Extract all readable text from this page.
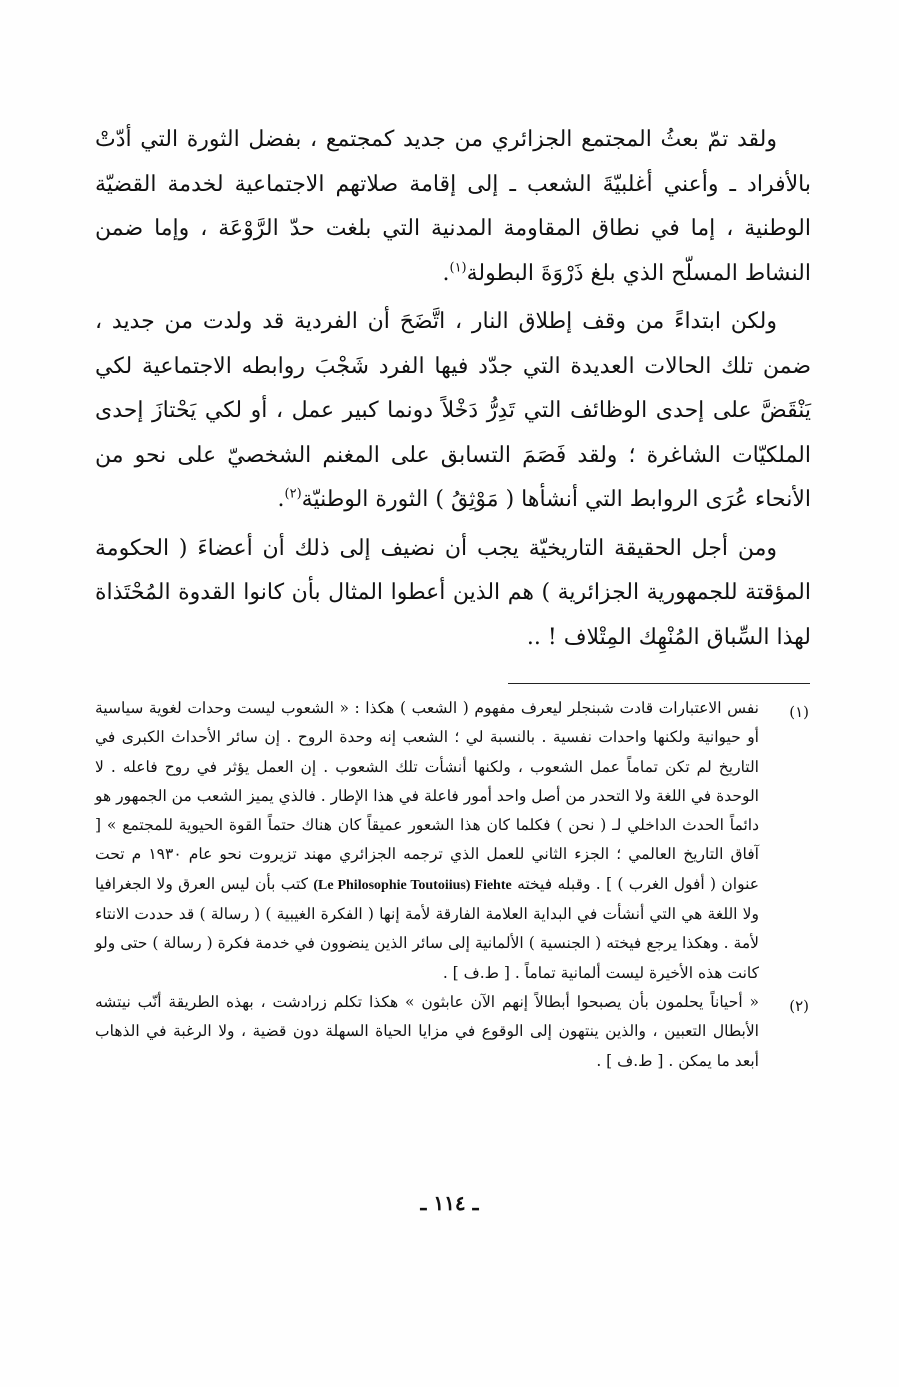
ولقد تمّ بعثُ المجتمع الجزائري من جديد كمجتمع ، بفضل الثورة التي أدّتْ بالأفراد ـ وأعني أغلبيّةَ الشعب ـ إلى إقامة صلاتهم الاجتماعية لخدمة القضيّة الوطنية ، إما في نطاق المقاومة المدنية التي بلغت حدّ الرَّوْعَة ، وإما ضمن النشاط المسلّح الذي بلغ ذَرْوَةَ البطولة$^{(١)}$.

ولكن ابتداءً من وقف إطلاق النار ، اتَّضَحَ أن الفردية قد ولدت من جديد ، ضمن تلك الحالات العديدة التي جدّد فيها الفرد شَجْبَ روابطه الاجتماعية لكي يَنْقَضَّ على إحدى الوظائف التي تَدِرُّ دَخْلاً دونما كبير عمل ، أو لكي يَحْتازَ إحدى الملكيّات الشاغرة ؛ ولقد فَصَمَ التسابق على المغنم الشخصيّ على نحو من الأنحاء عُرَى الروابط التي أنشأها ( مَوْثِقُ ) الثورة الوطنيّة$^{(٢)}$.

ومن أجل الحقيقة التاريخيّة يجب أن نضيف إلى ذلك أن أعضاءَ ( الحكومة المؤقتة للجمهورية الجزائرية ) هم الذين أعطوا المثال بأن كانوا القدوة المُحْتَذاة لهذا السِّباق المُنْهِك المِتْلاف ! ..

(١)
نفس الاعتبارات قادت شبنجلر ليعرف مفهوم ( الشعب ) هكذا : « الشعوب ليست وحدات لغوية سياسية أو حيوانية ولكنها واحدات نفسية . بالنسبة لي ؛ الشعب إنه وحدة الروح . إن سائر الأحداث الكبرى في التاريخ لم تكن تماماً عمل الشعوب ، ولكنها أنشأت تلك الشعوب . إن العمل يؤثر في روح فاعله . لا الوحدة في اللغة ولا التحدر من أصل واحد أمور فاعلة في هذا الإطار . فالذي يميز الشعب من الجمهور هو دائماً الحدث الداخلي لـ ( نحن ) فكلما كان هذا الشعور عميقاً كان هناك حتماً القوة الحيوية للمجتمع » [ آفاق التاريخ العالمي ؛ الجزء الثاني للعمل الذي ترجمه الجزائري مهند تزيروت نحو عام ١٩٣٠ م تحت عنوان ( أفول الغرب ) ] . وقبله فيخته (Le Philosophie Toutoiius) Fiehte كتب بأن ليس العرق ولا الجغرافيا ولا اللغة هي التي أنشأت في البداية العلامة الفارقة لأمة إنها ( الفكرة الغيبية ) ( رسالة ) قد حددت الانتاء لأمة . وهكذا يرجع فيخته ( الجنسية ) الألمانية إلى سائر الذين ينضوون في خدمة فكرة ( رسالة ) حتى ولو كانت هذه الأخيرة ليست ألمانية تماماً . [ ط.ف ] .
(٢)
« أحياناً يحلمون بأن يصبحوا أبطالاً إنهم الآن عابثون » هكذا تكلم زرادشت ، بهذه الطريقة أنّب نيتشه الأبطال التعبين ، والذين ينتهون إلى الوقوع في مزايا الحياة السهلة دون قضية ، ولا الرغبة في الذهاب أبعد ما يمكن . [ ط.ف ] .
ـ ١١٤ ـ
